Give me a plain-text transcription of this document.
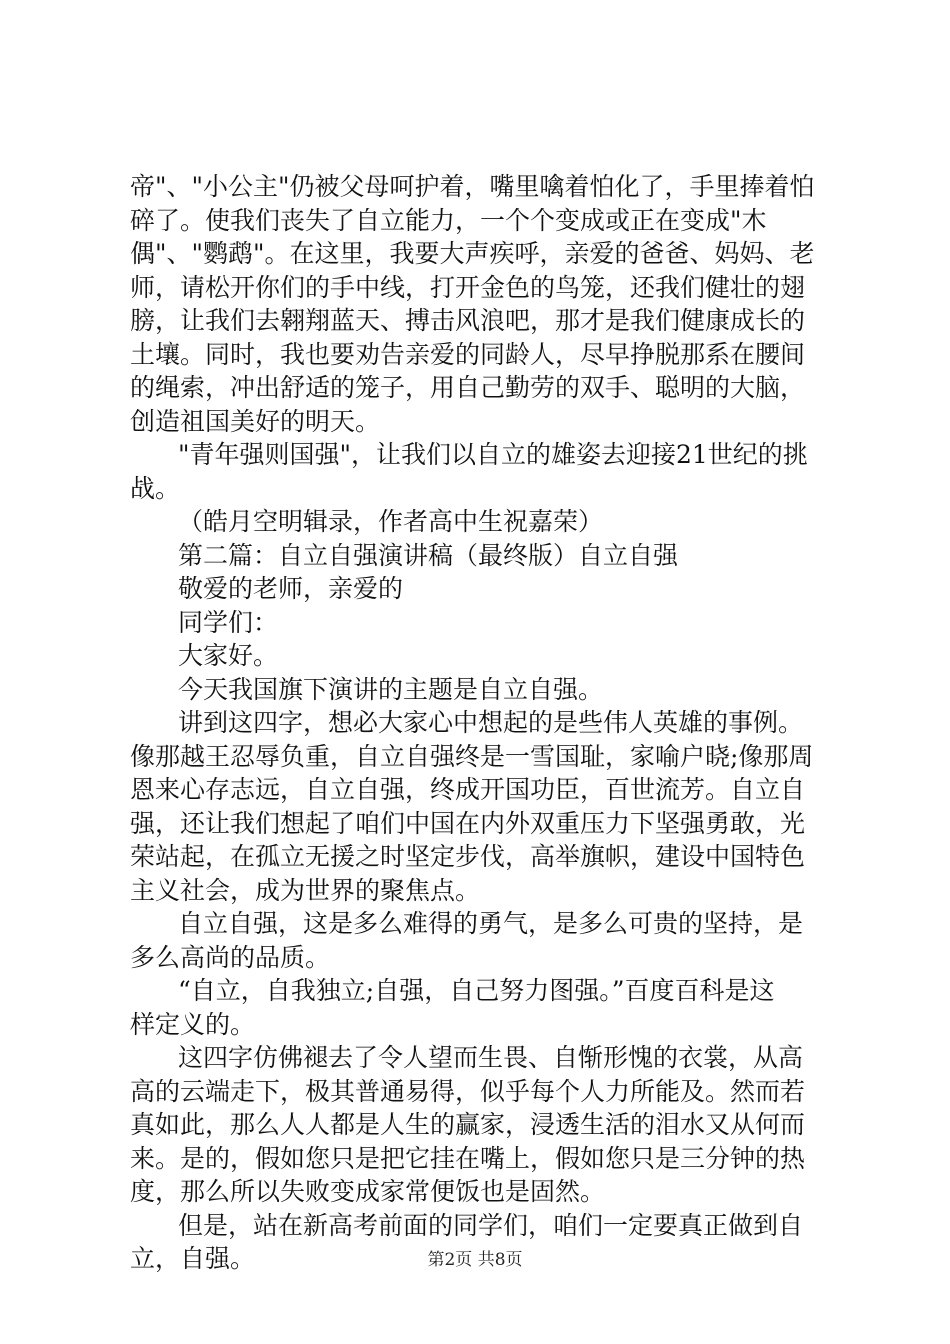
帝"、"小公主"仍被父母呵护着，嘴里噙着怕化了，手里捧着怕
碎了。使我们丧失了自立能力，一个个变成或正在变成"木
偶"、"鹦鹉"。在这里，我要大声疾呼，亲爱的爸爸、妈妈、老
师，请松开你们的手中线，打开金色的鸟笼，还我们健壮的翅
膀，让我们去翱翔蓝天、搏击风浪吧，那才是我们健康成长的
土壤。同时，我也要劝告亲爱的同龄人，尽早挣脱那系在腰间
的绳索，冲出舒适的笼子，用自己勤劳的双手、聪明的大脑，
创造祖国美好的明天。
"青年强则国强"，让我们以自立的雄姿去迎接21世纪的挑
战。
（皓月空明辑录，作者高中生祝嘉荣）
第二篇：自立自强演讲稿（最终版）自立自强
敬爱的老师，亲爱的
同学们：
大家好。
今天我国旗下演讲的主题是自立自强。
讲到这四字，想必大家心中想起的是些伟人英雄的事例。
像那越王忍辱负重，自立自强终是一雪国耻，家喻户晓;像那周
恩来心存志远，自立自强，终成开国功臣，百世流芳。自立自
强，还让我们想起了咱们中国在内外双重压力下坚强勇敢，光
荣站起，在孤立无援之时坚定步伐，高举旗帜，建设中国特色
主义社会，成为世界的聚焦点。
自立自强，这是多么难得的勇气，是多么可贵的坚持，是
多么高尚的品质。
“自立，自我独立;自强，自己努力图强。”百度百科是这
样定义的。
这四字仿佛褪去了令人望而生畏、自惭形愧的衣裳，从高
高的云端走下，极其普通易得，似乎每个人力所能及。然而若
真如此，那么人人都是人生的赢家，浸透生活的泪水又从何而
来。是的，假如您只是把它挂在嘴上，假如您只是三分钟的热
度，那么所以失败变成家常便饭也是固然。
但是，站在新高考前面的同学们，咱们一定要真正做到自
立，自强。	第2页 共8页
